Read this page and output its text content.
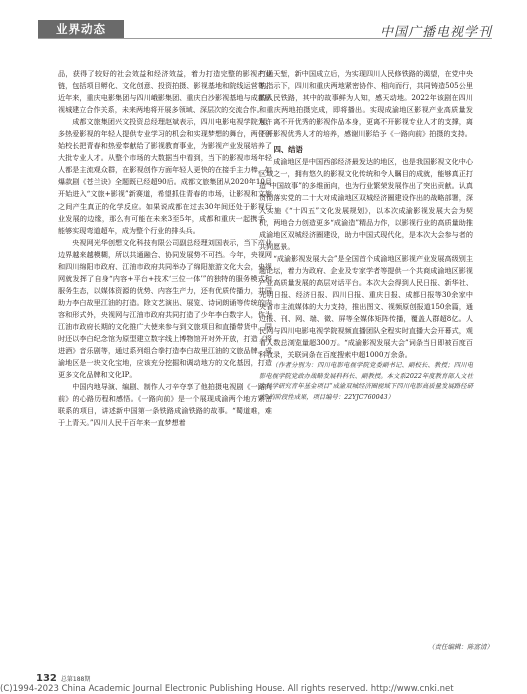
业界动态	中国广播电视学刊

品，获得了较好的社会效益和经济效益，着力打造完整的影视产业链，包括项目孵化、文化创意、投资拍摄、影视基地和院线运营等。近年来，重庆电影集团与四川峨影集团、重庆白沙影视基地与成都影视城建立合作关系，未来两地将开展多领域、深层次的交流合作。

成都文旅集团兴文投资总经理赵斌表示，四川电影电视学院为许多热爱影视的年轻人提供专业学习的机会和实现梦想的舞台，两位创始校长把青春和热爱奉献给了影视教育事业，为影视产业发展培养了大批专业人才。从整个市场的大数据当中看到，当下的影视市场年轻人都是主流观众群，在影视创作方面年轻人更快的在接手主力棒，如爆款剧《苍兰诀》全题既已经超90后。成都文旅集团从2020年10月开始进入“文旅+影视”新赛道，希望抓住青春的市场，让影视和文旅之间产生真正的化学反应。如果说成都在过去30年间还处于影视行业发展的边缘，那么有可能在未来3至5年，成都和重庆一起携手，能够实现弯道超车，成为整个行业的排头兵。

央视网光华创想文化科技有限公司副总经理刘国表示，当下产业边界越来越模糊，所以共通融合、协同发展势不可挡。今年，央视网和四川绵阳市政府、江油市政府共同举办了绵阳旅游文化大会，央视网就发挥了自身“内容+平台+技术‘三位一体’”的独特的服务模式和服务生态，以媒体资源的优势、内容生产力，还有优质传播力，共同助力李白故里江油的打造。除文艺演出、展览、诗词朗诵等传统的内容和形式外，央视网与江油市政府共同打造了少年李白数字人，作为江油市政府长期的文化推广大使来参与到文旅项目和直播带货中，同时还以李白纪念馆为原型建立数字线上博物馆开对外开放，打造《将进酒》音乐剧等，通过系列组合拳打造李白故里江油的文旅品牌。成渝地区是一块文化宝地，应该充分挖掘和调动地方的文化基因，打造更多文化品牌和文化IP。

中国内地导演、编剧、制作人刁辛夺享了他拍摄电视剧《一路向前》的心路历程和感悟。《一路向前》是一个展现成渝两个地方紧密联系的项目，讲述新中国第一条铁路成渝铁路的故事。“蜀道难，难于上青天。”四川人民千百年来一直梦想着

打通天堑，新中国成立后，为实现四川人民修铁路的渴望，在党中央的指示下，四川和重庆两地紧密协作、相向而行，共同铸造505公里的人民铁路，其中的故事鲜为人知，感天动地。2022年该剧在四川和重庆两地拍摄完成，即将播出。实现成渝地区影视产业高质量发展，离不开优秀的影视作品本身，更离不开影视专业人才的支撑，离不开影视优秀人才的培养，感谢川影给予《一路向前》拍摄的支持。

四、结语

成渝地区是中国西部经济最发达的地区，也是我国影视文化中心区域之一，拥有悠久的影视文化传统和令人瞩目的成就，能够真正打造“中国故事”的多维面向，也为行业繁荣发展作出了突出贡献。认真贯彻落实党的二十大对成渝地区双城经济圈建设作出的战略部署，深入实施《“十四五”文化发展规划》，以本次成渝影视发展大会为契机，两地合力创造更多“成渝造”精品力作，以影视行业的高质量助推成渝地区双城经济圈建设，助力中国式现代化，是本次大会参与者的共同愿景。

“成渝影视发展大会”是全国首个成渝地区影视产业发展高级别主题论坛，着力为政府、企业及专家学者等提供一个共商成渝地区影视产业高质量发展的高层对话平台。本次大会得到人民日报、新华社、光明日报、经济日报、四川日报、重庆日报、成都日报等30余家中央省市主流媒体的大力支持，推出图文、视频原创报道150余篇，通过报、刊、网、端、微、屏等全媒体矩阵传播，覆盖人群超8亿。人民网与四川电影电视学院视频直播团队全程实时直播大会开幕式，观看人数总浏览量超300万。“成渝影视发展大会”词条当日即被百度百科收录，关联词条在百度搜索中超1000万余条。

（作者分别为：四川电影电视学院党委副书记、副校长、教授；四川电影电视学院党政办战略发展科科长、副教授。本文系2022年度教育部人文社会科学研究青年基金项目“成渝双城经济圈视域下四川电影高质量发展路径研究”的阶段性成果，项目编号：22YJC760043）

（责任编辑：陈富清）
132 总第188期
(C)1994-2023 China Academic Journal Electronic Publishing House. All rights reserved. http://www.cnki.net
